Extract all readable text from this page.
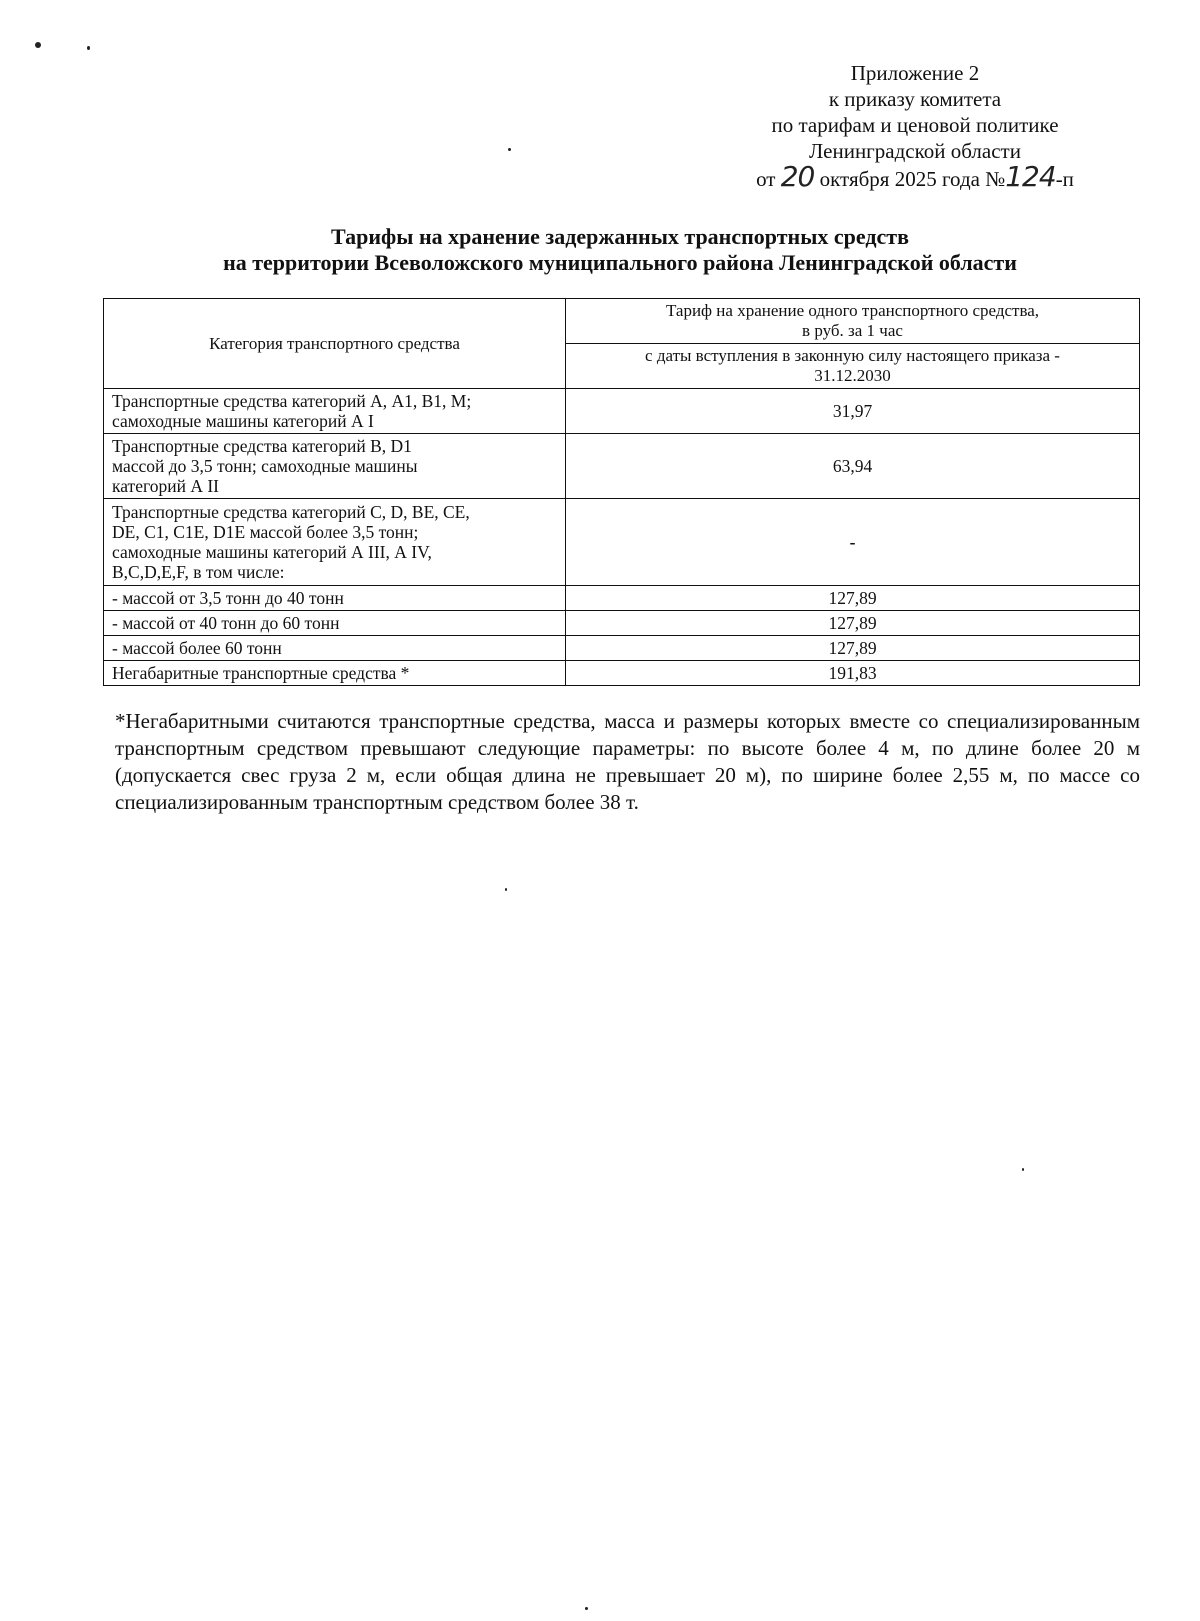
Приложение 2
к приказу комитета
по тарифам и ценовой политике
Ленинградской области
от 20 октября 2025 года №124-п
Тарифы на хранение задержанных транспортных средств
на территории Всеволожского муниципального района Ленинградской области
Категория транспортного средства	Тариф на хранение одного транспортного средства,
в руб. за 1 час

	с даты вступления в законную силу настоящего приказа -
31.12.2030

Транспортные средства категорий А, А1, В1, М;
самоходные машины категорий А I	31,97

Транспортные средства категорий В, D1
массой до 3,5 тонн; самоходные машины
категорий А II	63,94

Транспортные средства категорий С, D, ВЕ, СЕ,
DE, С1, С1Е, D1E массой более 3,5 тонн;
самоходные машины категорий А III, А IV,
B,C,D,E,F, в том числе:	-

- массой от 3,5 тонн до 40 тонн	127,89

- массой от 40 тонн до 60 тонн	127,89

- массой более 60 тонн	127,89

Негабаритные транспортные средства *	191,83
*Негабаритными считаются транспортные средства, масса и размеры которых вместе со специализированным транспортным средством превышают следующие параметры: по высоте более 4 м, по длине более 20 м (допускается свес груза 2 м, если общая длина не превышает 20 м), по ширине более 2,55 м, по массе со специализированным транспортным средством более 38 т.
